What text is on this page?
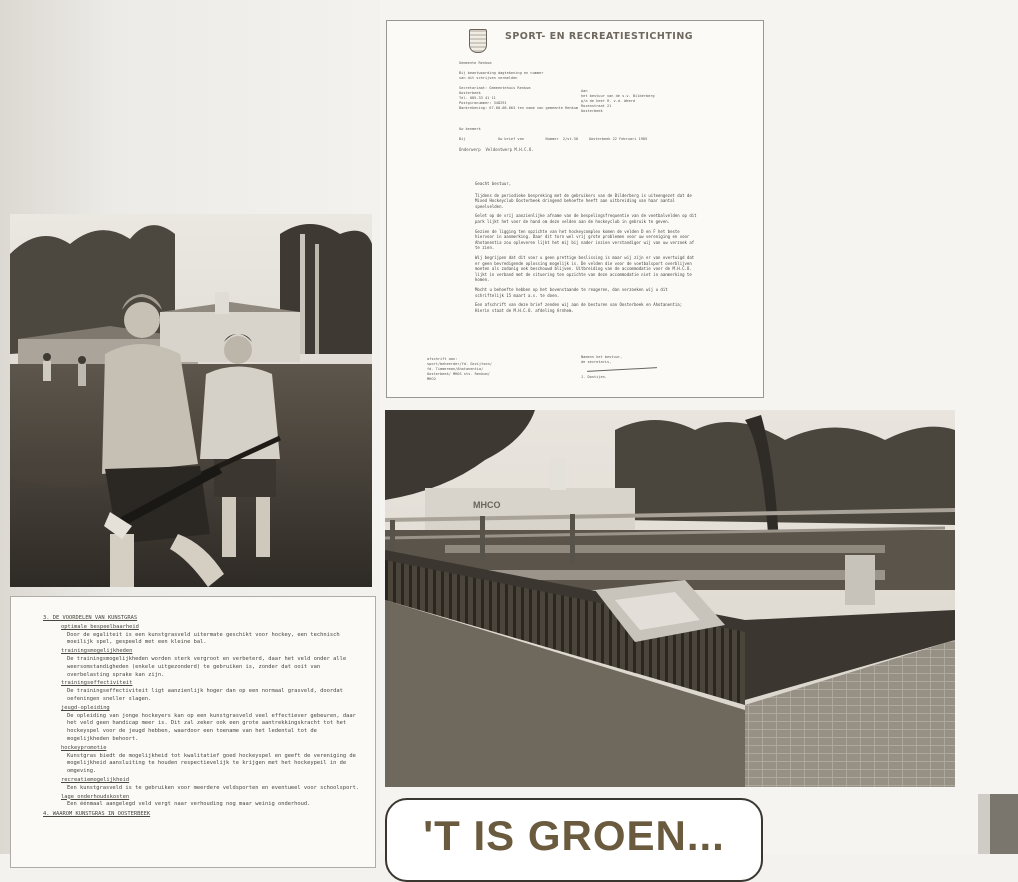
SPORT- EN RECREATIESTICHTING
Gemeente Renkum

Bij beantwoording dagtekening en nummer
van dit schrijven vermelden

Secretariaat: Gemeentehuis Renkum
Oosterbeek
Tel. 085-33 41 11
Postgironummer: 348291
Bankrekening: 67.00.08.664 ten name van gemeente Renkum
Aan
het bestuur van de s.v. Bilderberg
p/a de heer H. v.d. Weerd
Rozenstraat 21
Oosterbeek
Uw kenmerk

Bij               Uw brief van          Nummer  2/st.30     Oosterbeek 22 Februari 1985
Onderwerp  Veldontwerp M.H.C.O.

Geacht bestuur,

Tijdens de periodieke bespreking met de gebruikers van de Bilderberg is uiteengezet dat de Mixed Hockeyclub Oosterbeek dringend behoefte heeft aan uitbreiding van haar aantal speelvelden.

Gelet op de vrij aanzienlijke afname van de bespelingsfrequentie van de voetbalvelden op dit park lijkt het voor de hand om deze velden aan de hockeyclub in gebruik te geven.

Gezien de ligging ten opzichte van het hockeycomplex komen de velden D en F het beste hiervoor in aanmerking. Daar dit torn wel vrij grote problemen voor uw vereniging en voor Ahotanentia zou opleveren lijkt het mij bij nader inzien verstandiger wij van uw verzoek af te zien.

Wij begrijpen dat dit voor u geen prettige beslissing is maar wij zijn er van overtuigd dat er geen bevredigende oplossing mogelijk is. De velden die voor de voetbalsport overblijven moeten als zodanig ook beschouwd blijven. Uitbreiding van de accommodatie voor de M.H.C.O. lijkt in verband met de situering ten opzichte van deze accommodatie niet in aanmerking te komen.

Mocht u behoefte hebben op het bovenstaande te reageren, dan verzoeken wij u dit schriftelijk 15 maart a.s. te doen.

Een afschrift van deze brief zenden wij aan de besturen van Oosterbeek en Ahotanentia; Hierin staat de M.H.C.O. afdeling Arnhem.

afschrift aan:
sport/beheerder/fd. Gezijtsen/
fd. Timmerman/Ahotanentia/
Oosterbeek/ MHOS sts. Renkum/
MHCO
Namens het bestuur,
de secretaris,

J. Dostijen.
MHCO
3. DE VOORDELEN VAN KUNSTGRAS
optimale bespeelbaarheid
Door de egaliteit is een kunstgrasveld uitermate geschikt voor hockey, een technisch moeilijk spel, gespeeld met een kleine bal.
trainingsmogelijkheden
De trainingsmogelijkheden worden sterk vergroot en verbeterd, daar het veld onder alle weersomstandigheden (enkele uitgezonderd) te gebruiken is, zonder dat ooit van overbelasting sprake kan zijn.
trainingseffectiviteit
De trainingseffectiviteit ligt aanzienlijk hoger dan op een normaal grasveld, doordat oefeningen sneller slagen.
jeugd-opleiding
De opleiding van jonge hockeyers kan op een kunstgrasveld veel effectiever gebeuren, daar het veld geen handicap meer is. Dit zal zeker ook een grote aantrekkingskracht tot het hockeyspel voor de jeugd hebben, waardoor een toename van het ledental tot de mogelijkheden behoort.
hockeypromotie
Kunstgras biedt de mogelijkheid tot kwalitatief goed hockeyspel en geeft de vereniging de mogelijkheid aansluiting te houden respectievelijk te krijgen met het hockeypeil in de omgeving.
recreatiemogelijkheid
Een kunstgrasveld is te gebruiken voor meerdere veldsporten en eventueel voor schoolsport.
lage onderhoudskosten
Een éénmaal aangelegd veld vergt naar verhouding nog maar weinig onderhoud.
4. WAAROM KUNSTGRAS IN OOSTERBEEK	'T IS GROEN...
